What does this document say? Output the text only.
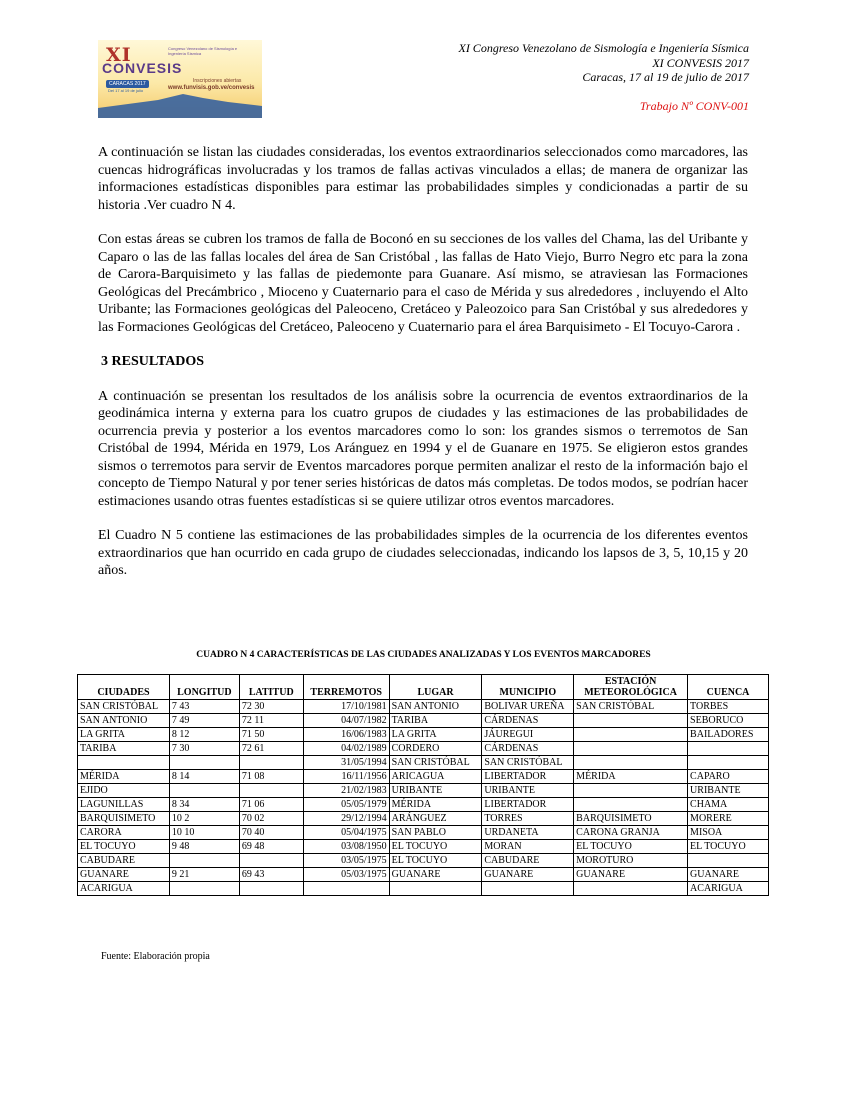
XI
CONVESIS
Congreso Venezolano de Sismología e Ingeniería Sísmica
CARACAS 2017
Del 17 al 19 de julio
Inscripciones abiertas
www.funvisis.gob.ve/convesis
XI Congreso Venezolano de Sismología e Ingeniería Sísmica
XI CONVESIS 2017
Caracas, 17 al 19 de julio de 2017
Trabajo Nº CONV-001

A continuación se listan las ciudades consideradas, los eventos extraordinarios seleccionados como marcadores, las cuencas hidrográficas involucradas y los tramos de fallas activas vinculados a ellas; de manera de organizar las informaciones estadísticas disponibles para estimar las probabilidades simples y condicionadas a partir de su historia .Ver cuadro N 4.

Con estas áreas se cubren los tramos de falla de Boconó en su secciones de los valles del Chama, las del Uribante y Caparo o las de las fallas locales del área de San Cristóbal , las fallas de Hato Viejo, Burro Negro etc para la zona de Carora-Barquisimeto y las fallas de piedemonte para Guanare. Así mismo, se atraviesan las Formaciones Geológicas del Precámbrico , Mioceno y Cuaternario para el caso de Mérida y sus alrededores , incluyendo el Alto Uribante; las Formaciones geológicas del Paleoceno, Cretáceo y Paleozoico para San Cristóbal y sus alrededores y las Formaciones Geológicas del Cretáceo, Paleoceno y Cuaternario para el área Barquisimeto - El Tocuyo-Carora .

3 RESULTADOS

A continuación se presentan los resultados de los análisis sobre la ocurrencia de eventos extraordinarios de la geodinámica interna y externa para los cuatro grupos de ciudades y las estimaciones de las probabilidades de ocurrencia previa y posterior a los eventos marcadores como lo son: los grandes sismos o terremotos de San Cristóbal de 1994, Mérida en 1979, Los Aránguez en 1994 y el de Guanare en 1975. Se eligieron estos grandes sismos o terremotos para servir de Eventos marcadores porque permiten analizar el resto de la información bajo el concepto de Tiempo Natural y por tener series históricas de datos más completas. De todos modos, se podrían hacer estimaciones usando otras fuentes estadísticas si se quiere utilizar otros eventos marcadores.

El Cuadro N 5 contiene las estimaciones de las probabilidades simples de la ocurrencia de los diferentes eventos extraordinarios que han ocurrido en cada grupo de ciudades seleccionadas, indicando los lapsos de 3, 5, 10,15 y 20 años.

CUADRO N 4 CARACTERÍSTICAS DE LAS CIUDADES ANALIZADAS Y LOS EVENTOS MARCADORES
CIUDADES	LONGITUD	LATITUD	TERREMOTOS	LUGAR	MUNICIPIO	ESTACIÓN METEOROLÓGICA	CUENCA
SAN CRISTÓBAL	7 43	72 30	17/10/1981	SAN ANTONIO	BOLIVAR UREÑA	SAN CRISTÓBAL	TORBES
SAN ANTONIO	7 49	72 11	04/07/1982	TARIBA	CÁRDENAS		SEBORUCO
LA GRITA	8 12	71 50	16/06/1983	LA GRITA	JÁUREGUI		BAILADORES
TARIBA	7 30	72 61	04/02/1989	CORDERO	CÁRDENAS		
			31/05/1994	SAN CRISTÓBAL	SAN CRISTÓBAL		
MÉRIDA	8 14	71 08	16/11/1956	ARICAGUA	LIBERTADOR	MÉRIDA	CAPARO
EJIDO			21/02/1983	URIBANTE	URIBANTE		URIBANTE
LAGUNILLAS	8 34	71 06	05/05/1979	MÉRIDA	LIBERTADOR		CHAMA
BARQUISIMETO	10 2	70 02	29/12/1994	ARÁNGUEZ	TORRES	BARQUISIMETO	MORERE
CARORA	10 10	70 40	05/04/1975	SAN PABLO	URDANETA	CARONA GRANJA	MISOA
EL TOCUYO	9 48	69 48	03/08/1950	EL TOCUYO	MORAN	EL TOCUYO	EL TOCUYO
CABUDARE			03/05/1975	EL TOCUYO	CABUDARE	MOROTURO	
GUANARE	9 21	69 43	05/03/1975	GUANARE	GUANARE	GUANARE	GUANARE
ACARIGUA							ACARIGUA
Fuente: Elaboración propia
